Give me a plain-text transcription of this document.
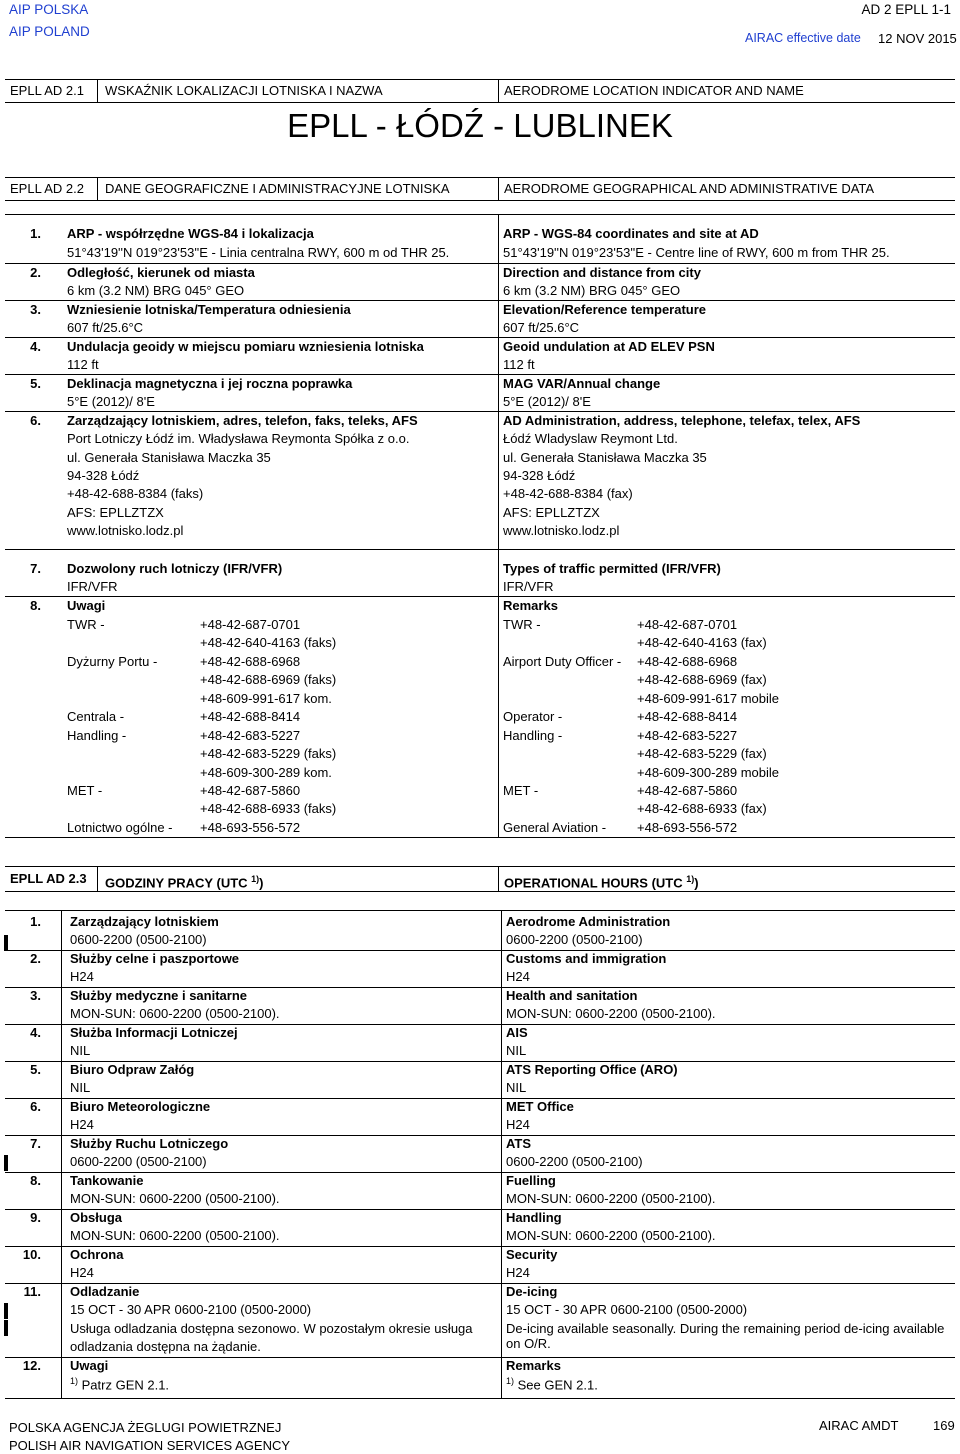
AIP POLSKA
AIP POLAND
AD 2 EPLL 1-1
AIRAC effective date 12 NOV 2015
EPLL AD 2.1 WSKAŹNIK LOKALIZACJI LOTNISKA I NAZWA	AERODROME LOCATION INDICATOR AND NAME
EPLL - ŁÓDŹ - LUBLINEK
EPLL AD 2.2 DANE GEOGRAFICZNE I ADMINISTRACYJNE LOTNISKA	AERODROME GEOGRAPHICAL AND ADMINISTRATIVE DATA
1. ARP - współrzędne WGS-84 i lokalizacja	ARP - WGS-84 coordinates and site at AD
51°43'19''N 019°23'53''E - Linia centralna RWY, 600 m od THR 25.	51°43'19''N 019°23'53''E - Centre line of RWY, 600 m from THR 25.
2. Odległość, kierunek od miasta	Direction and distance from city
6 km (3.2 NM) BRG 045° GEO	6 km (3.2 NM) BRG 045° GEO
3. Wzniesienie lotniska/Temperatura odniesienia	Elevation/Reference temperature
607 ft/25.6°C	607 ft/25.6°C
4. Undulacja geoidy w miejscu pomiaru wzniesienia lotniska	Geoid undulation at AD ELEV PSN
112 ft	112 ft
5. Deklinacja magnetyczna i jej roczna poprawka	MAG VAR/Annual change
5°E (2012)/ 8'E	5°E (2012)/ 8'E
6. Zarządzający lotniskiem, adres, telefon, faks, teleks, AFS	AD Administration, address, telephone, telefax, telex, AFS
Port Lotniczy Łódź im. Władysława Reymonta Spółka z o.o.	Łódź Wladyslaw Reymont Ltd.
ul. Generała Stanisława Maczka 35	ul. Generała Stanisława Maczka 35
94-328 Łódź	94-328 Łódź
+48-42-688-8384 (faks)	+48-42-688-8384 (fax)
AFS: EPLLZTZX	AFS: EPLLZTZX
www.lotnisko.lodz.pl	www.lotnisko.lodz.pl
7. Dozwolony ruch lotniczy (IFR/VFR)	Types of traffic permitted (IFR/VFR)
IFR/VFR	IFR/VFR
8. Uwagi	Remarks
TWR -	+48-42-687-0701	TWR -	+48-42-687-0701
+48-42-640-4163 (faks)	+48-42-640-4163 (fax)
Dyżurny Portu -	+48-42-688-6968	Airport Duty Officer - +48-42-688-6968
+48-42-688-6969 (faks)	+48-42-688-6969 (fax)
+48-609-991-617 kom.	+48-609-991-617 mobile
Centrala -	+48-42-688-8414	Operator -	+48-42-688-8414
Handling -	+48-42-683-5227	Handling -	+48-42-683-5227
+48-42-683-5229 (faks)	+48-42-683-5229 (fax)
+48-609-300-289 kom.	+48-609-300-289 mobile
MET -	+48-42-687-5860	MET -	+48-42-687-5860
+48-42-688-6933 (faks)	+48-42-688-6933 (fax)
Lotnictwo ogólne - +48-693-556-572	General Aviation - +48-693-556-572
EPLL AD 2.3 GODZINY PRACY (UTC $^{1)}$)	OPERATIONAL HOURS (UTC $^{1)}$)
1. Zarządzający lotniskiem	Aerodrome Administration
0600-2200 (0500-2100)	0600-2200 (0500-2100)
2. Służby celne i paszportowe	Customs and immigration
H24	H24
3. Służby medyczne i sanitarne	Health and sanitation
MON-SUN: 0600-2200 (0500-2100).	MON-SUN: 0600-2200 (0500-2100).
4. Służba Informacji Lotniczej	AIS
NIL	NIL
5. Biuro Odpraw Załóg	ATS Reporting Office (ARO)
NIL	NIL
6. Biuro Meteorologiczne	MET Office
H24	H24
7. Służby Ruchu Lotniczego	ATS
0600-2200 (0500-2100)	0600-2200 (0500-2100)
8. Tankowanie	Fuelling
MON-SUN: 0600-2200 (0500-2100).	MON-SUN: 0600-2200 (0500-2100).
9. Obsługa	Handling
MON-SUN: 0600-2200 (0500-2100).	MON-SUN: 0600-2200 (0500-2100).
10. Ochrona	Security
H24	H24
11. Odladzanie	De-icing
15 OCT - 30 APR 0600-2100 (0500-2000)	15 OCT - 30 APR 0600-2100 (0500-2000)
Usługa odladzania dostępna sezonowo. W pozostałym okresie usługa	De-icing available seasonally. During the remaining period de-icing available on O/R.
odladzania dostępna na żądanie.
12. Uwagi	Remarks
$^{1)}$ Patrz GEN 2.1.	$^{1)}$ See GEN 2.1.
POLSKA AGENCJA ŻEGLUGI POWIETRZNEJ
POLISH AIR NAVIGATION SERVICES AGENCY
AIRAC AMDT	169
